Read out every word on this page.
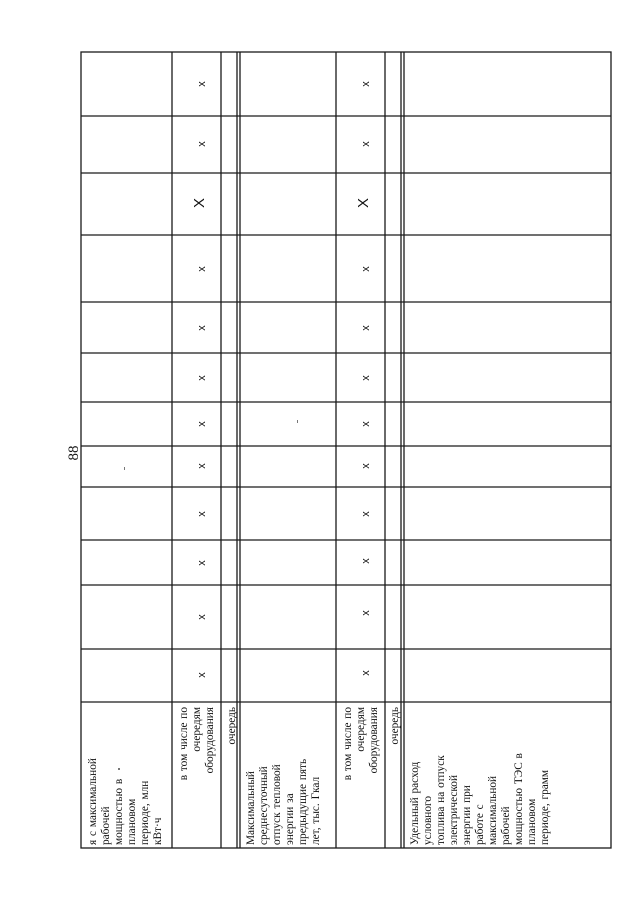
88
я с максимальной рабочей мощностью в плановом периоде, млн кВт·ч
в том числе по очередям оборудования очередь
Максимальный среднесуточный отпуск тепловой энергии за предыдущие пять лет, тыс. Гкал
в том числе по очередям оборудования очередь
Удельный расход условного топлива на отпуск электрической энергии при работе с максимальной рабочей мощностью ТЭС в плановом периоде, грамм
x
x
x
x
x
x
x
x
x
X
x
x
x
x
x
x
x
x
x
x
x
X
x
x
